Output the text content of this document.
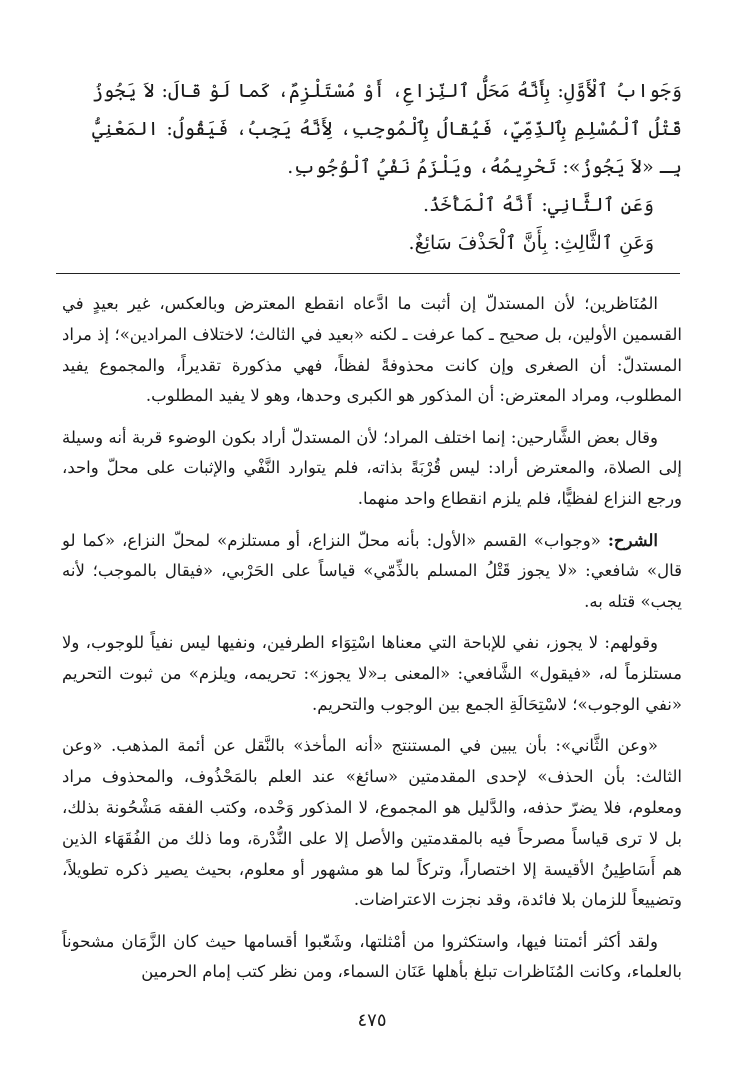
وَجَوابُ ٱلْأَوَّلِ: بِأَنَّهُ مَحَلُّ ٱلنِّزاعِ، أَوْ مُسْتَلْزِمٌ، كَما لَوْ قالَ: لاَ يَجُوزُ قَتْلُ ٱلْمُسْلِمِ بِٱلذِّمِّيِّ، فَيُقالُ بِٱلْمُوجِبِ، لِأَنَّهُ يَجِبُ، فَيَقُولُ: المَعْنِيُّ بِـ «لاَ يَجُوزُ»: تَحْرِيمُهُ، ويَلْزَمُ نَفْيُ ٱلْوُجُوبِ.

وَعَنِ ٱلثَّانِي: أَنَّهُ ٱلْمَأْخَذُ.

وَعَنِ ٱلثَّالِثِ: بِأَنَّ ٱلْحَذْفَ سَائِغٌ.

المُنَاظرين؛ لأن المستدلّ إن أثبت ما ادَّعاه انقطع المعترض وبالعكس، غير بعيدٍ في القسمين الأولين، بل صحيح ـ كما عرفت ـ لكنه «بعيد في الثالث؛ لاختلاف المرادين»؛ إذ مراد المستدلّ: أن الصغرى وإن كانت محذوفةً لفظاً، فهي مذكورة تقديراً، والمجموع يفيد المطلوب، ومراد المعترض: أن المذكور هو الكبرى وحدها، وهو لا يفيد المطلوب.

وقال بعض الشَّارحين: إنما اختلف المراد؛ لأن المستدلّ أراد بكون الوضوء قربة أنه وسيلة إلى الصلاة، والمعترض أراد: ليس قُرْبَةً بذاته، فلم يتوارد النَّفْي والإثبات على محلّ واحد، ورجع النزاع لفظيًّا، فلم يلزم انقطاع واحد منهما.

الشرح: «وجواب» القسم «الأول: بأنه محلّ النزاع، أو مستلزم» لمحلّ النزاع، «كما لو قال» شافعي: «لا يجوز قَتْلُ المسلم بالذِّمّي» قياساً على الحَرْبي، «فيقال بالموجب؛ لأنه يجب» قتله به.

وقولهم: لا يجوز، نفي للإباحة التي معناها اسْتِوَاء الطرفين، ونفيها ليس نفياً للوجوب، ولا مستلزماً له، «فيقول» الشَّافعي: «المعنى بـ«لا يجوز»: تحريمه، ويلزم» من ثبوت التحريم «نفي الوجوب»؛ لاسْتِحَالَةِ الجمع بين الوجوب والتحريم.

«وعن الثَّاني»: بأن يبين في المستنتج «أنه المأخذ» بالنَّقل عن أئمة المذهب. «وعن الثالث: بأن الحذف» لإحدى المقدمتين «سائغ» عند العلم بالمَحْذُوف، والمحذوف مراد ومعلوم، فلا يضرّ حذفه، والدَّليل هو المجموع، لا المذكور وَحْده، وكتب الفقه مَشْحُونة بذلك، بل لا ترى قياساً مصرحاً فيه بالمقدمتين والأصل إلا على النُّدْرة، وما ذلك من الفُقَهَاء الذين هم أَسَاطِينُ الأقيسة إلا اختصاراً، وتركاً لما هو مشهور أو معلوم، بحيث يصير ذكره تطويلاً، وتضييعاً للزمان بلا فائدة، وقد نجزت الاعتراضات.

ولقد أكثر أئمتنا فيها، واستكثروا من أمْثلتها، وشَعّبوا أقسامها حيث كان الزَّمَان مشحوناً بالعلماء، وكانت المُنَاظرات تبلغ بأهلها عَنَان السماء، ومن نظر كتب إمام الحرمين

٤٧٥
